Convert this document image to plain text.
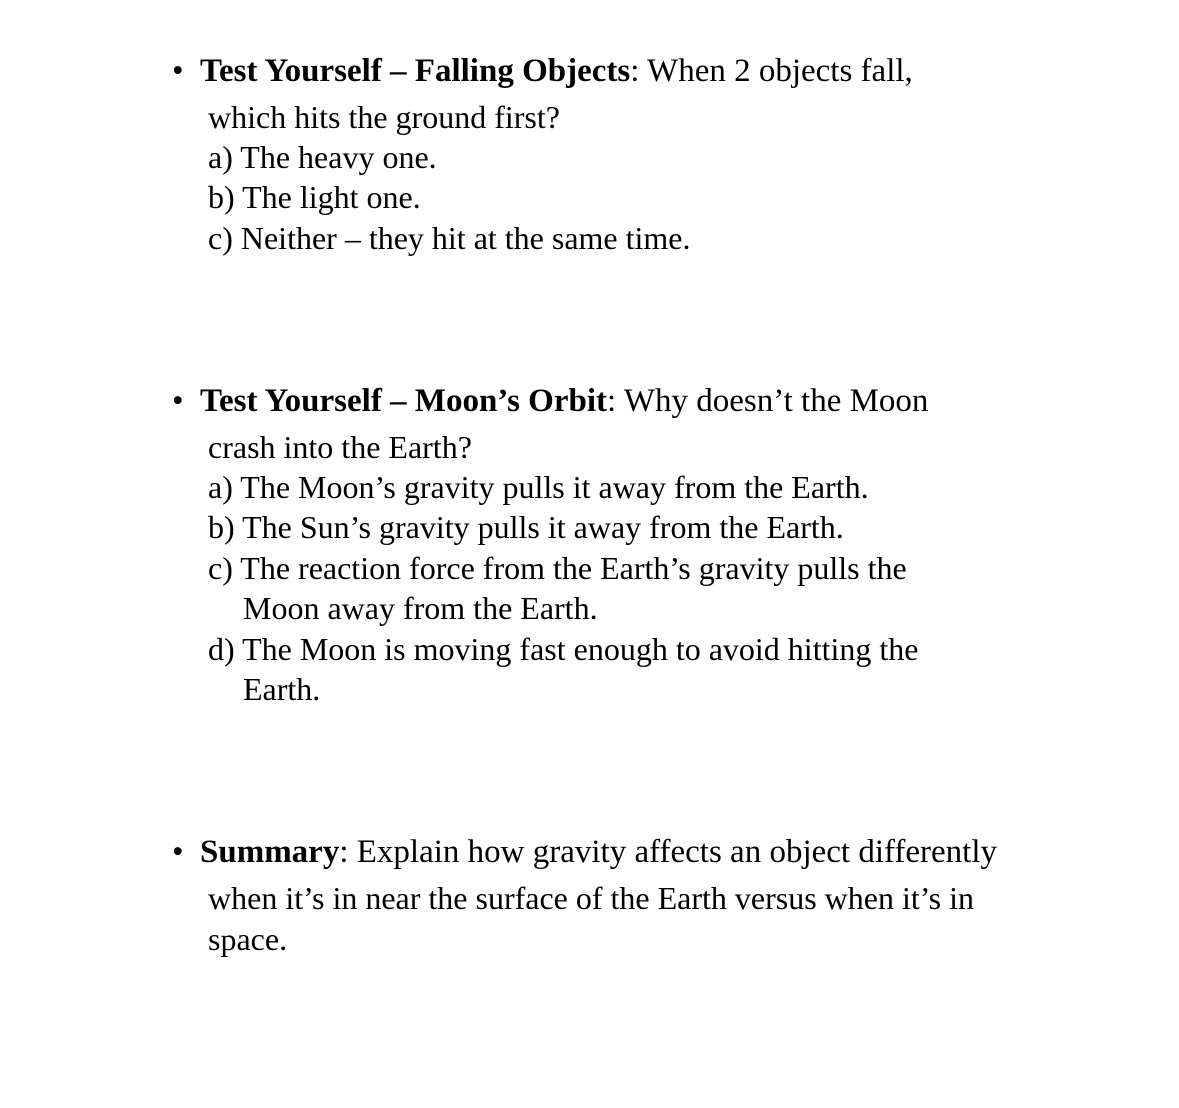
• Test Yourself – Falling Objects: When 2 objects fall,
which hits the ground first?
a) The heavy one.
b) The light one.
c) Neither – they hit at the same time.
• Test Yourself – Moon’s Orbit: Why doesn’t the Moon
crash into the Earth?
a) The Moon’s gravity pulls it away from the Earth.
b) The Sun’s gravity pulls it away from the Earth.
c) The reaction force from the Earth’s gravity pulls the
Moon away from the Earth.
d) The Moon is moving fast enough to avoid hitting the
Earth.
• Summary: Explain how gravity affects an object differently
when it’s in near the surface of the Earth versus when it’s in
space.
